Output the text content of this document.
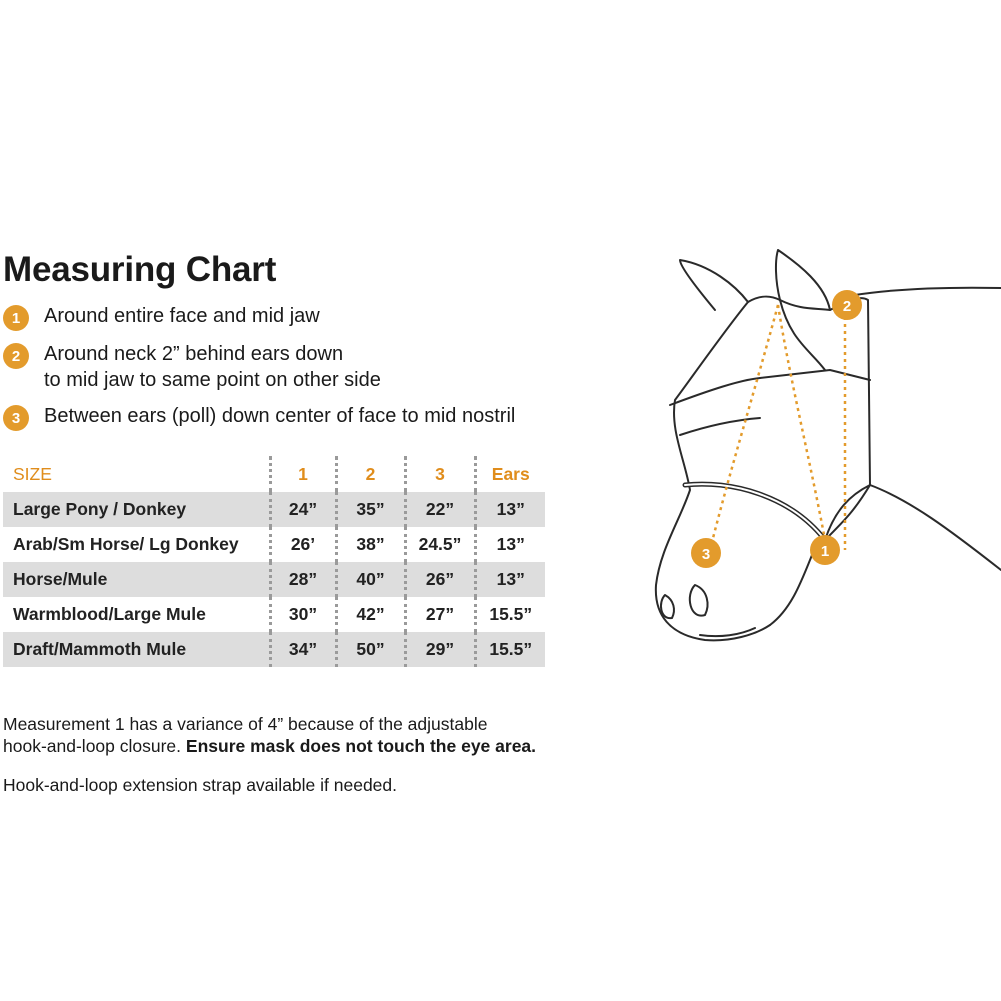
Measuring Chart
1	Around entire face and mid jaw
2	Around neck 2” behind ears down
to mid jaw to same point on other side
3	Between ears (poll) down center of face to mid nostril
SIZE	1	2	3	Ears
Large Pony / Donkey	24”	35”	22”	13”
Arab/Sm Horse/ Lg Donkey	26’	38”	24.5”	13”
Horse/Mule	28”	40”	26”	13”
Warmblood/Large Mule	30”	42”	27”	15.5”
Draft/Mammoth Mule	34”	50”	29”	15.5”
Measurement 1 has a variance of 4” because of the adjustable
hook-and-loop closure. Ensure mask does not touch the eye area.
Hook-and-loop extension strap available if needed.
1
2
3
